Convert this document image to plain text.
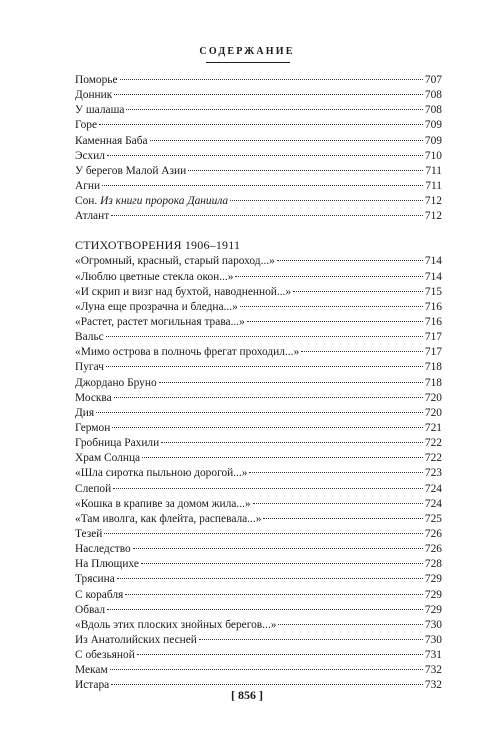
СОДЕРЖАНИЕ
Поморье	707
Донник	708
У шалаша	708
Горе	709
Каменная Баба	709
Эсхил	710
У берегов Малой Азии	711
Агни	711
Сон. Из книги пророка Даниила	712
Атлант	712
СТИХОТВОРЕНИЯ 1906–1911
«Огромный, красный, старый пароход...»	714
«Люблю цветные стекла окон...»	714
«И скрип и визг над бухтой, наводненной...»	715
«Луна еще прозрачна и бледна...»	716
«Растет, растет могильная трава...»	716
Вальс	717
«Мимо острова в полночь фрегат проходил...»	717
Пугач	718
Джордано Бруно	718
Москва	720
Дия	720
Гермон	721
Гробница Рахили	722
Храм Солнца	722
«Шла сиротка пыльною дорогой...»	723
Слепой	724
«Кошка в крапиве за домом жила...»	724
«Там иволга, как флейта, распевала...»	725
Тезей	726
Наследство	726
На Плющихе	728
Трясина	729
С корабля	729
Обвал	729
«Вдоль этих плоских знойных берегов...»	730
Из Анатолийских песней	730
С обезьяной	731
Мекам	732
Истара	732
[ 856 ]
